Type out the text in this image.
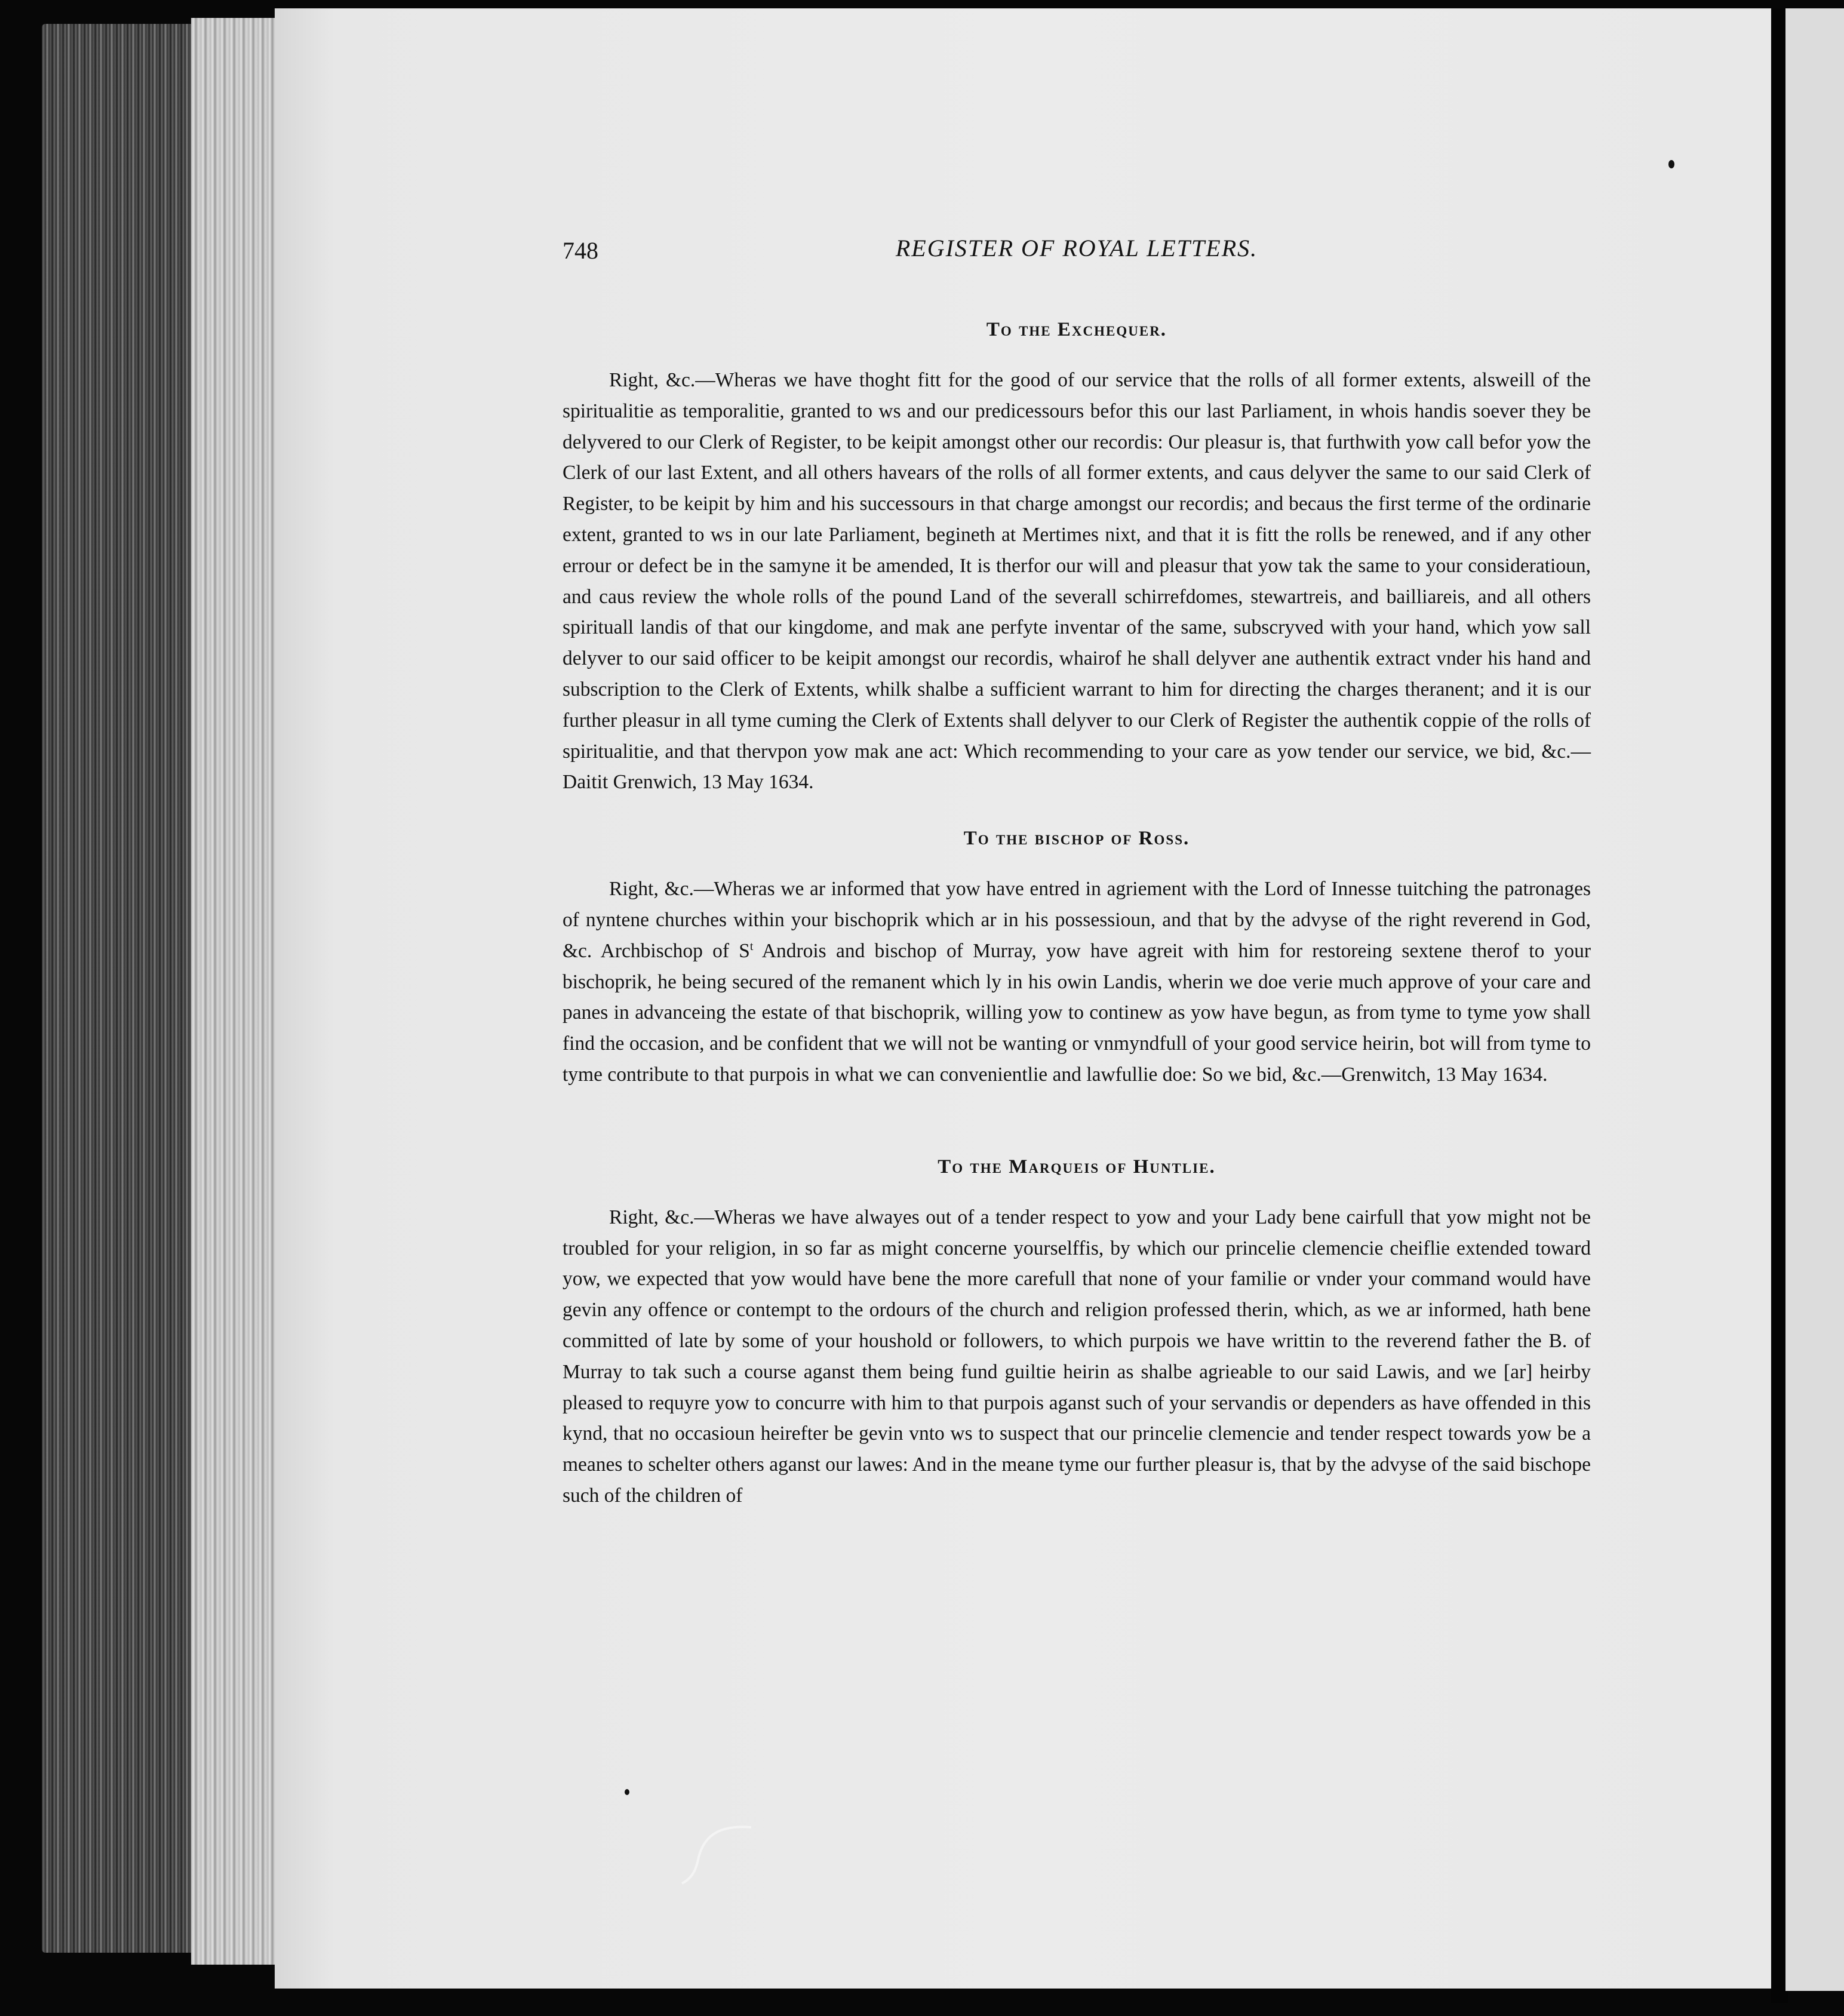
748	REGISTER OF ROYAL LETTERS.
To the Exchequer.

Right, &c.—Wheras we have thoght fitt for the good of our service that the rolls of all former extents, alsweill of the spiritualitie as temporalitie, granted to ws and our predicessours befor this our last Parliament, in whois handis soever they be delyvered to our Clerk of Register, to be keipit amongst other our recordis: Our pleasur is, that furthwith yow call befor yow the Clerk of our last Extent, and all others havears of the rolls of all former extents, and caus delyver the same to our said Clerk of Register, to be keipit by him and his successours in that charge amongst our recordis; and becaus the first terme of the ordinarie extent, granted to ws in our late Parliament, begineth at Mertimes nixt, and that it is fitt the rolls be renewed, and if any other errour or defect be in the samyne it be amended, It is therfor our will and pleasur that yow tak the same to your consideratioun, and caus review the whole rolls of the pound Land of the severall schirrefdomes, stewartreis, and bailliareis, and all others spirituall landis of that our kingdome, and mak ane perfyte inventar of the same, subscryved with your hand, which yow sall delyver to our said officer to be keipit amongst our recordis, whairof he shall delyver ane authentik extract vnder his hand and subscription to the Clerk of Extents, whilk shalbe a sufficient warrant to him for directing the charges theranent; and it is our further pleasur in all tyme cuming the Clerk of Extents shall delyver to our Clerk of Register the authentik coppie of the rolls of spiritualitie, and that thervpon yow mak ane act: Which recommending to your care as yow tender our service, we bid, &c.—Daitit Grenwich, 13 May 1634.

To the bischop of Ross.

Right, &c.—Wheras we ar informed that yow have entred in agriement with the Lord of Innesse tuitching the patronages of nyntene churches within your bischoprik which ar in his possessioun, and that by the advyse of the right reverend in God, &c. Archbischop of $S^t$ Androis and bischop of Murray, yow have agreit with him for restoreing sextene therof to your bischoprik, he being secured of the remanent which ly in his owin Landis, wherin we doe verie much approve of your care and panes in advanceing the estate of that bischoprik, willing yow to continew as yow have begun, as from tyme to tyme yow shall find the occasion, and be confident that we will not be wanting or vnmyndfull of your good service heirin, bot will from tyme to tyme contribute to that purpois in what we can convenientlie and lawfullie doe: So we bid, &c.—Grenwitch, 13 May 1634.

To the Marqueis of Huntlie.

Right, &c.—Wheras we have alwayes out of a tender respect to yow and your Lady bene cairfull that yow might not be troubled for your religion, in so far as might concerne yourselffis, by which our princelie clemencie cheiflie extended toward yow, we expected that yow would have bene the more carefull that none of your familie or vnder your command would have gevin any offence or contempt to the ordours of the church and religion professed therin, which, as we ar informed, hath bene committed of late by some of your houshold or followers, to which purpois we have writtin to the reverend father the B. of Murray to tak such a course aganst them being fund guiltie heirin as shalbe agrieable to our said Lawis, and we [ar] heirby pleased to requyre yow to concurre with him to that purpois aganst such of your servandis or dependers as have offended in this kynd, that no occasioun heirefter be gevin vnto ws to suspect that our princelie clemencie and tender respect towards yow be a meanes to schelter others aganst our lawes: And in the meane tyme our further pleasur is, that by the advyse of the said bischope such of the children of
